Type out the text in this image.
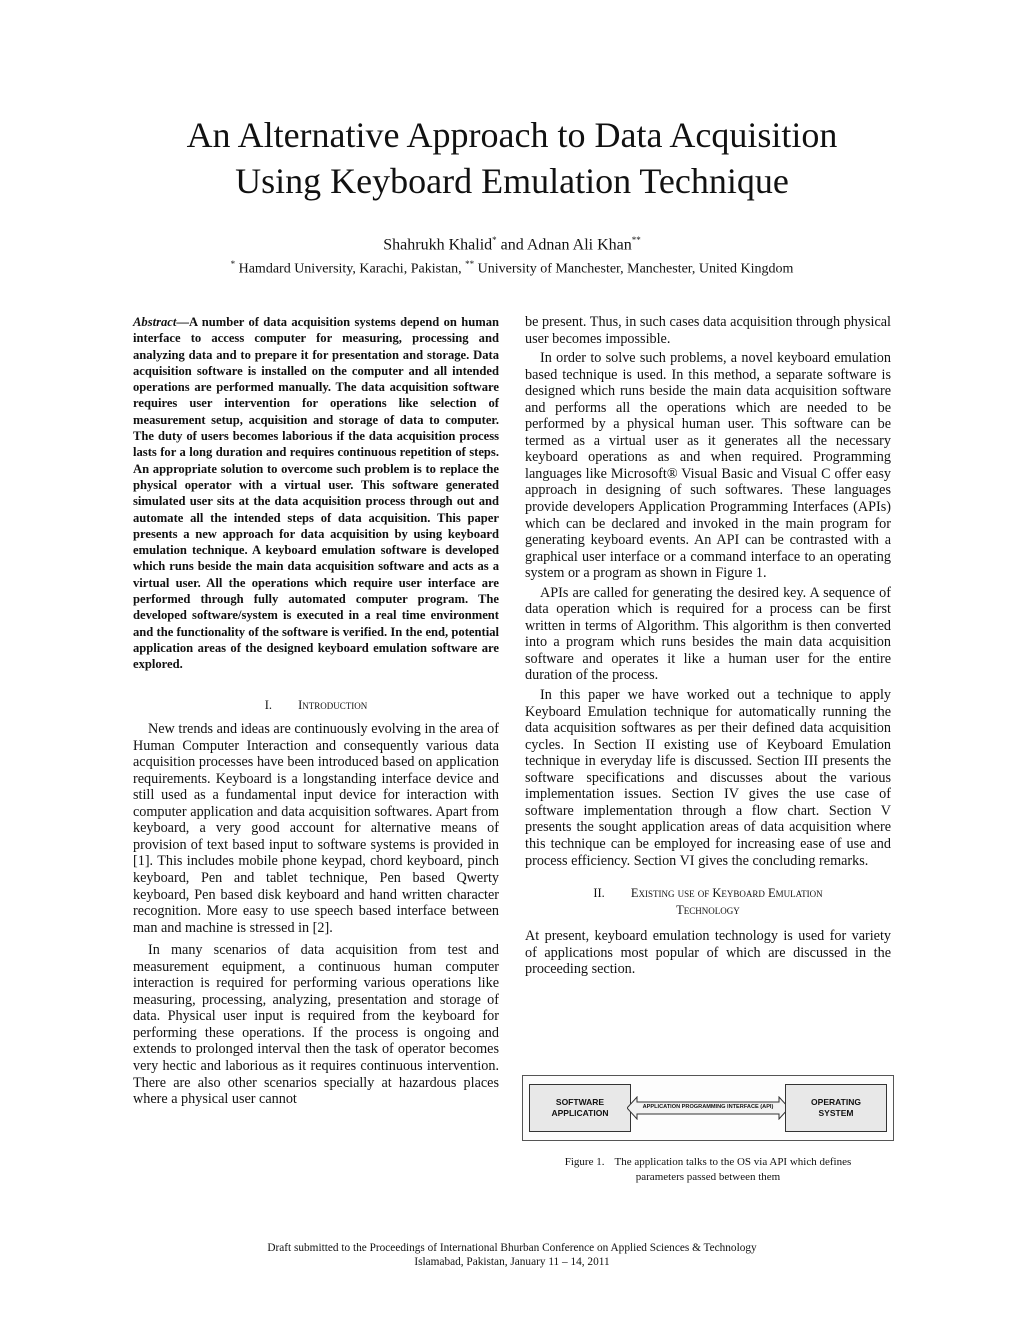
An Alternative Approach to Data Acquisition
Using Keyboard Emulation Technique
Shahrukh Khalid* and Adnan Ali Khan**
* Hamdard University, Karachi, Pakistan, ** University of Manchester, Manchester, United Kingdom

Abstract—A number of data acquisition systems depend on human interface to access computer for measuring, processing and analyzing data and to prepare it for presentation and storage. Data acquisition software is installed on the computer and all intended operations are performed manually. The data acquisition software requires user intervention for operations like selection of measurement setup, acquisition and storage of data to computer. The duty of users becomes laborious if the data acquisition process lasts for a long duration and requires continuous repetition of steps. An appropriate solution to overcome such problem is to replace the physical operator with a virtual user. This software generated simulated user sits at the data acquisition process through out and automate all the intended steps of data acquisition. This paper presents a new approach for data acquisition by using keyboard emulation technique. A keyboard emulation software is developed which runs beside the main data acquisition software and acts as a virtual user. All the operations which require user interface are performed through fully automated computer program. The developed software/system is executed in a real time environment and the functionality of the software is verified. In the end, potential application areas of the designed keyboard emulation software are explored.

I. Introduction

New trends and ideas are continuously evolving in the area of Human Computer Interaction and consequently various data acquisition processes have been introduced based on application requirements. Keyboard is a longstanding interface device and still used as a fundamental input device for interaction with computer application and data acquisition softwares. Apart from keyboard, a very good account for alternative means of provision of text based input to software systems is provided in [1]. This includes mobile phone keypad, chord keyboard, pinch keyboard, Pen and tablet technique, Pen based Qwerty keyboard, Pen based disk keyboard and hand written character recognition. More easy to use speech based interface between man and machine is stressed in [2].

In many scenarios of data acquisition from test and measurement equipment, a continuous human computer interaction is required for performing various operations like measuring, processing, analyzing, presentation and storage of data. Physical user input is required from the keyboard for performing these operations. If the process is ongoing and extends to prolonged interval then the task of operator becomes very hectic and laborious as it requires continuous intervention. There are also other scenarios specially at hazardous places where a physical user cannot

be present. Thus, in such cases data acquisition through physical user becomes impossible.

In order to solve such problems, a novel keyboard emulation based technique is used. In this method, a separate software is designed which runs beside the main data acquisition software and performs all the operations which are needed to be performed by a physical human user. This software can be termed as a virtual user as it generates all the necessary keyboard operations as and when required. Programming languages like Microsoft® Visual Basic and Visual C offer easy approach in designing of such softwares. These languages provide developers Application Programming Interfaces (APIs) which can be declared and invoked in the main program for generating keyboard events. An API can be contrasted with a graphical user interface or a command interface to an operating system or a program as shown in Figure 1.

APIs are called for generating the desired key. A sequence of data operation which is required for a process can be first written in terms of Algorithm. This algorithm is then converted into a program which runs besides the main data acquisition software and operates it like a human user for the entire duration of the process.

In this paper we have worked out a technique to apply Keyboard Emulation technique for automatically running the data acquisition softwares as per their defined data acquisition cycles. In Section II existing use of Keyboard Emulation technique in everyday life is discussed. Section III presents the software specifications and discusses about the various implementation issues. Section IV gives the use case of software implementation through a flow chart. Section V presents the sought application areas of data acquisition where this technique can be employed for increasing ease of use and process efficiency. Section VI gives the concluding remarks.

II. Existing use of Keyboard Emulation
Technology

At present, keyboard emulation technology is used for variety of applications most popular of which are discussed in the proceeding section.

SOFTWARE
APPLICATION
APPLICATION PROGRAMMING INTERFACE (API)	OPERATING
SYSTEM
Figure 1. The application talks to the OS via API which defines
parameters passed between them
Draft submitted to the Proceedings of International Bhurban Conference on Applied Sciences & Technology
Islamabad, Pakistan, January 11 – 14, 2011
